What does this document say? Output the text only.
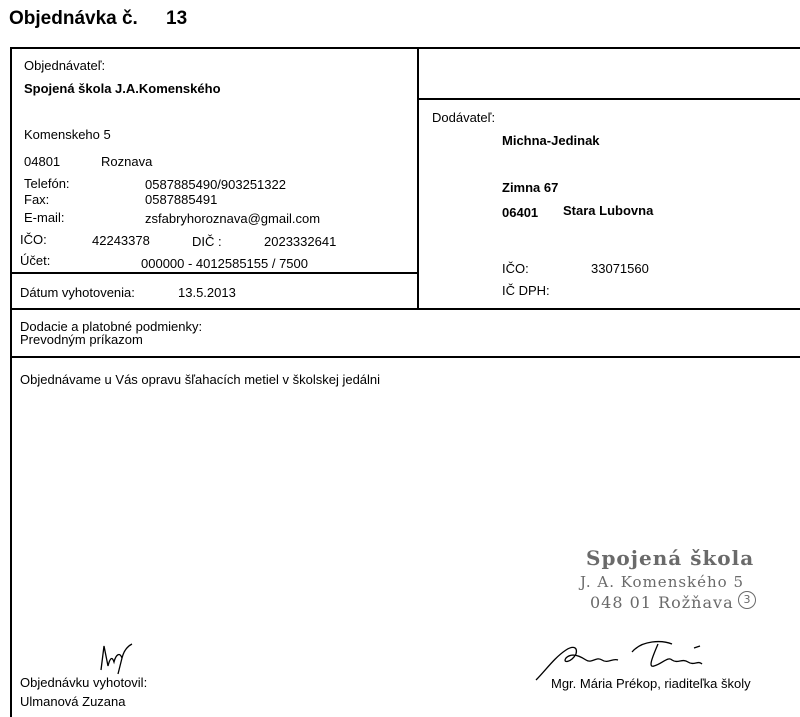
Objednávka č. 13
Objednávateľ:
Spojená škola J.A.Komenského
Komenskeho 5
04801	Roznava
Telefón:	0587885490/903251322
Fax:	0587885491
E-mail:	zsfabryhoroznava@gmail.com
IČO:	42243378	DIČ :	2023332641
Účet:	000000 - 4012585155 / 7500
Dátum vyhotovenia:	13.5.2013
Dodávateľ:
Michna-Jedinak
Zimna 67
06401 Stara Lubovna
IČO:	33071560
IČ DPH:
Dodacie a platobné podmienky:
Prevodným príkazom
Objednávame u Vás opravu šľahacích metiel v školskej jedálni
Spojená škola
J. A. Komenského 5
048 01 Rožňava 3
Objednávku vyhotovil:
Ulmanová Zuzana
Mgr. Mária Prékop, riaditeľka školy
